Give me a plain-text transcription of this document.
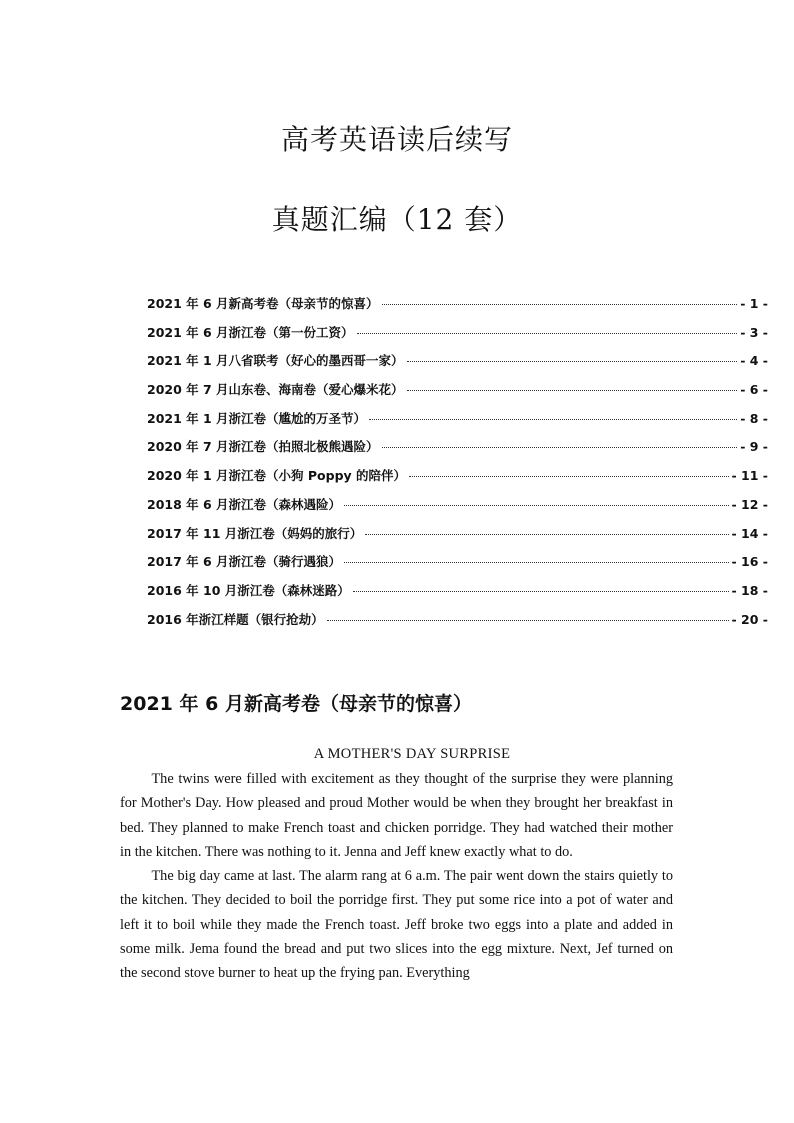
高考英语读后续写
真题汇编（12 套）
2021 年 6 月新高考卷（母亲节的惊喜）	- 1 -
2021 年 6 月浙江卷（第一份工资）	- 3 -
2021 年 1 月八省联考（好心的墨西哥一家）	- 4 -
2020 年 7 月山东卷、海南卷（爱心爆米花）	- 6 -
2021 年 1 月浙江卷（尴尬的万圣节）	- 8 -
2020 年 7 月浙江卷（拍照北极熊遇险）	- 9 -
2020 年 1 月浙江卷（小狗 Poppy 的陪伴）	- 11 -
2018 年 6 月浙江卷（森林遇险）	- 12 -
2017 年 11 月浙江卷（妈妈的旅行）	- 14 -
2017 年 6 月浙江卷（骑行遇狼）	- 16 -
2016 年 10 月浙江卷（森林迷路）	- 18 -
2016 年浙江样题（银行抢劫）	- 20 -
2021 年 6 月新高考卷（母亲节的惊喜）
A MOTHER'S DAY SURPRISE

The twins were filled with excitement as they thought of the surprise they were planning for Mother's Day. How pleased and proud Mother would be when they brought her breakfast in bed. They planned to make French toast and chicken porridge. They had watched their mother in the kitchen. There was nothing to it. Jenna and Jeff knew exactly what to do.

The big day came at last. The alarm rang at 6 a.m. The pair went down the stairs quietly to the kitchen. They decided to boil the porridge first. They put some rice into a pot of water and left it to boil while they made the French toast. Jeff broke two eggs into a plate and added in some milk. Jema found the bread and put two slices into the egg mixture. Next, Jef turned on the second stove burner to heat up the frying pan. Everything
